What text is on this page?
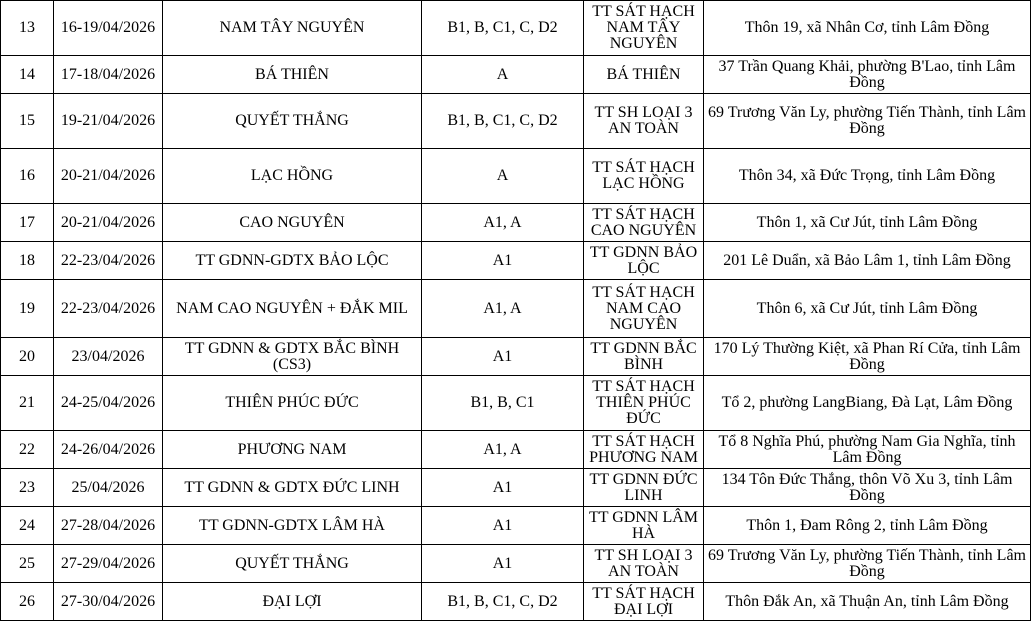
13	16-19/04/2026	NAM TÂY NGUYÊN	B1, B, C1, C, D2	TT SÁT HẠCH NAM TÂY NGUYÊN	Thôn 19, xã Nhân Cơ, tỉnh Lâm Đồng
14	17-18/04/2026	BÁ THIÊN	A	BÁ THIÊN	37 Trần Quang Khải, phường B'Lao, tỉnh Lâm Đồng
15	19-21/04/2026	QUYẾT THẮNG	B1, B, C1, C, D2	TT SH LOẠI 3 AN TOÀN	69 Trương Văn Ly, phường Tiến Thành, tỉnh Lâm Đồng
16	20-21/04/2026	LẠC HỒNG	A	TT SÁT HẠCH LẠC HỒNG	Thôn 34, xã Đức Trọng, tỉnh Lâm Đồng
17	20-21/04/2026	CAO NGUYÊN	A1, A	TT SÁT HẠCH CAO NGUYÊN	Thôn 1, xã Cư Jút, tỉnh Lâm Đồng
18	22-23/04/2026	TT GDNN-GDTX BẢO LỘC	A1	TT GDNN BẢO LỘC	201 Lê Duẩn, xã Bảo Lâm 1, tỉnh Lâm Đồng
19	22-23/04/2026	NAM CAO NGUYÊN + ĐẮK MIL	A1, A	TT SÁT HẠCH NAM CAO NGUYÊN	Thôn 6, xã Cư Jút, tỉnh Lâm Đồng
20	23/04/2026	TT GDNN & GDTX BẮC BÌNH (CS3)	A1	TT GDNN BẮC BÌNH	170 Lý Thường Kiệt, xã Phan Rí Cửa, tỉnh Lâm Đồng
21	24-25/04/2026	THIÊN PHÚC ĐỨC	B1, B, C1	TT SÁT HẠCH THIÊN PHÚC ĐỨC	Tổ 2, phường LangBiang, Đà Lạt, Lâm Đồng
22	24-26/04/2026	PHƯƠNG NAM	A1, A	TT SÁT HẠCH PHƯƠNG NAM	Tổ 8 Nghĩa Phú, phường Nam Gia Nghĩa, tỉnh Lâm Đồng
23	25/04/2026	TT GDNN & GDTX ĐỨC LINH	A1	TT GDNN ĐỨC LINH	134 Tôn Đức Thắng, thôn Võ Xu 3, tỉnh Lâm Đồng
24	27-28/04/2026	TT GDNN-GDTX LÂM HÀ	A1	TT GDNN LÂM HÀ	Thôn 1, Đam Rông 2, tỉnh Lâm Đồng
25	27-29/04/2026	QUYẾT THẮNG	A1	TT SH LOẠI 3 AN TOÀN	69 Trương Văn Ly, phường Tiến Thành, tỉnh Lâm Đồng
26	27-30/04/2026	ĐẠI LỢI	B1, B, C1, C, D2	TT SÁT HẠCH ĐẠI LỢI	Thôn Đắk An, xã Thuận An, tỉnh Lâm Đồng
